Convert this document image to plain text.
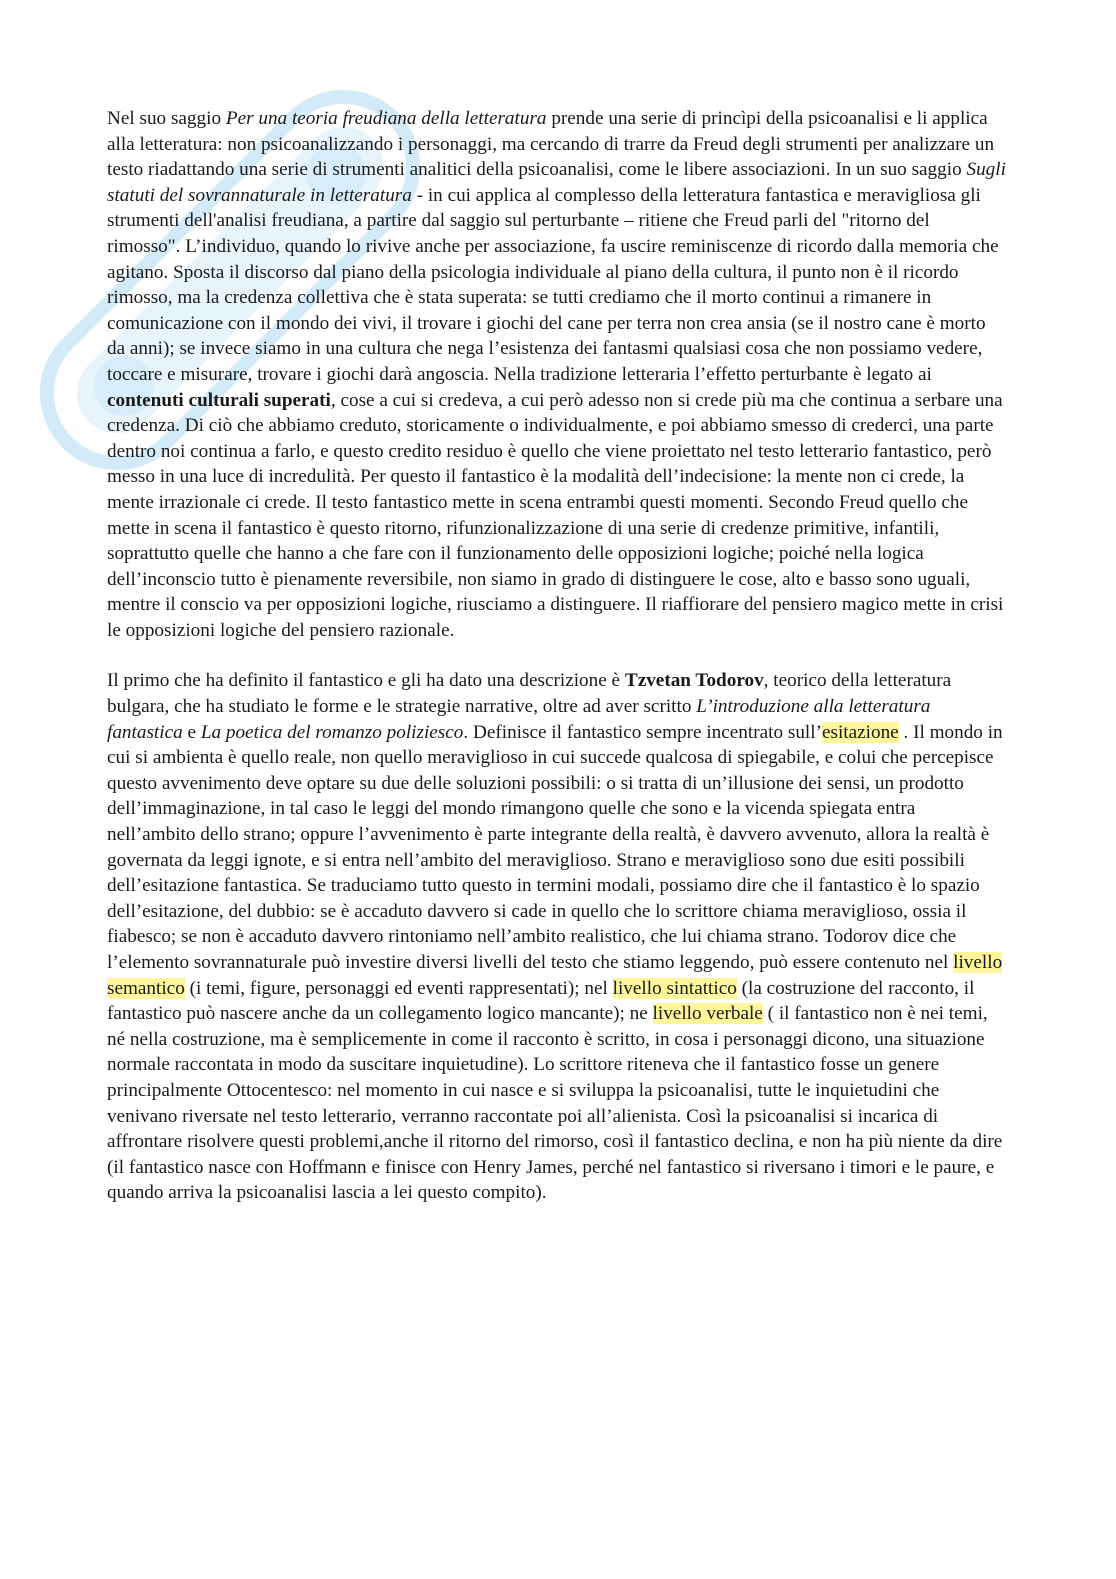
Nel suo saggio Per una teoria freudiana della letteratura prende una serie di princìpi della psicoanalisi e li applica alla letteratura: non psicoanalizzando i personaggi, ma cercando di trarre da Freud degli strumenti per analizzare un testo riadattando una serie di strumenti analitici della psicoanalisi, come le libere associazioni. In un suo saggio Sugli statuti del sovrannaturale in letteratura - in cui applica al complesso della letteratura fantastica e meravigliosa gli strumenti dell'analisi freudiana, a partire dal saggio sul perturbante – ritiene che Freud parli del "ritorno del rimosso". L’individuo, quando lo rivive anche per associazione, fa uscire reminiscenze di ricordo dalla memoria che agitano. Sposta il discorso dal piano della psicologia individuale al piano della cultura, il punto non è il ricordo rimosso, ma la credenza collettiva che è stata superata: se tutti crediamo che il morto continui a rimanere in comunicazione con il mondo dei vivi, il trovare i giochi del cane per terra non crea ansia (se il nostro cane è morto da anni); se invece siamo in una cultura che nega l’esistenza dei fantasmi qualsiasi cosa che non possiamo vedere, toccare e misurare, trovare i giochi darà angoscia. Nella tradizione letteraria l’effetto perturbante è legato ai contenuti culturali superati, cose a cui si credeva, a cui però adesso non si crede più ma che continua a serbare una credenza. Di ciò che abbiamo creduto, storicamente o individualmente, e poi abbiamo smesso di crederci, una parte dentro noi continua a farlo, e questo credito residuo è quello che viene proiettato nel testo letterario fantastico, però messo in una luce di incredulità. Per questo il fantastico è la modalità dell’indecisione: la mente non ci crede, la mente irrazionale ci crede. Il testo fantastico mette in scena entrambi questi momenti. Secondo Freud quello che mette in scena il fantastico è questo ritorno, rifunzionalizzazione di una serie di credenze primitive, infantili, soprattutto quelle che hanno a che fare con il funzionamento delle opposizioni logiche; poiché nella logica dell’inconscio tutto è pienamente reversibile, non siamo in grado di distinguere le cose, alto e basso sono uguali, mentre il conscio va per opposizioni logiche, riusciamo a distinguere. Il riaffiorare del pensiero magico mette in crisi le opposizioni logiche del pensiero razionale.

Il primo che ha definito il fantastico e gli ha dato una descrizione è Tzvetan Todorov, teorico della letteratura bulgara, che ha studiato le forme e le strategie narrative, oltre ad aver scritto L’introduzione alla letteratura fantastica e La poetica del romanzo poliziesco. Definisce il fantastico sempre incentrato sull’esitazione . Il mondo in cui si ambienta è quello reale, non quello meraviglioso in cui succede qualcosa di spiegabile, e colui che percepisce questo avvenimento deve optare su due delle soluzioni possibili: o si tratta di un’illusione dei sensi, un prodotto dell’immaginazione, in tal caso le leggi del mondo rimangono quelle che sono e la vicenda spiegata entra nell’ambito dello strano; oppure l’avvenimento è parte integrante della realtà, è davvero avvenuto, allora la realtà è governata da leggi ignote, e si entra nell’ambito del meraviglioso. Strano e meraviglioso sono due esiti possibili dell’esitazione fantastica. Se traduciamo tutto questo in termini modali, possiamo dire che il fantastico è lo spazio dell’esitazione, del dubbio: se è accaduto davvero si cade in quello che lo scrittore chiama meraviglioso, ossia il fiabesco; se non è accaduto davvero rintoniamo nell’ambito realistico, che lui chiama strano. Todorov dice che l’elemento sovrannaturale può investire diversi livelli del testo che stiamo leggendo, può essere contenuto nel livello semantico (i temi, figure, personaggi ed eventi rappresentati); nel livello sintattico (la costruzione del racconto, il fantastico può nascere anche da un collegamento logico mancante); ne livello verbale ( il fantastico non è nei temi, né nella costruzione, ma è semplicemente in come il racconto è scritto, in cosa i personaggi dicono, una situazione normale raccontata in modo da suscitare inquietudine). Lo scrittore riteneva che il fantastico fosse un genere principalmente Ottocentesco: nel momento in cui nasce e si sviluppa la psicoanalisi, tutte le inquietudini che venivano riversate nel testo letterario, verranno raccontate poi all’alienista. Così la psicoanalisi si incarica di affrontare risolvere questi problemi,anche il ritorno del rimorso, così il fantastico declina, e non ha più niente da dire (il fantastico nasce con Hoffmann e finisce con Henry James, perché nel fantastico si riversano i timori e le paure, e quando arriva la psicoanalisi lascia a lei questo compito).
